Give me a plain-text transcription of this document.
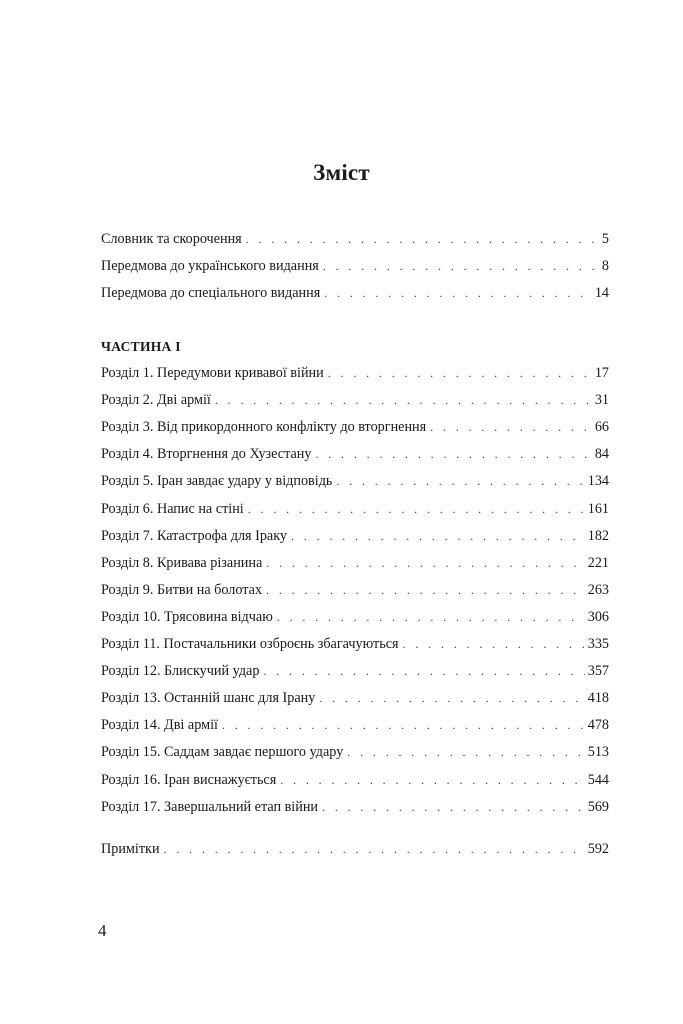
Зміст
Словник та скорочення . . .	5
Передмова до українського видання . . .	8
Передмова до спеціального видання . . .	14
ЧАСТИНА І
Розділ 1. Передумови кривавої війни . . .	17
Розділ 2. Дві армії . . .	31
Розділ 3. Від прикордонного конфлікту до вторгнення . . .	66
Розділ 4. Вторгнення до Хузестану . . .	84
Розділ 5. Іран завдає удару у відповідь . . .	134
Розділ 6. Напис на стіні . . .	161
Розділ 7. Катастрофа для Іраку . . .	182
Розділ 8. Кривава різанина . . .	221
Розділ 9. Битви на болотах . . .	263
Розділ 10. Трясовина відчаю . . .	306
Розділ 11. Постачальники озброєнь збагачуються . . .	335
Розділ 12. Блискучий удар . . .	357
Розділ 13. Останній шанс для Ірану . . .	418
Розділ 14. Дві армії . . .	478
Розділ 15. Саддам завдає першого удару . . .	513
Розділ 16. Іран виснажується . . .	544
Розділ 17. Завершальний етап війни . . .	569
Примітки . . .	592
4
